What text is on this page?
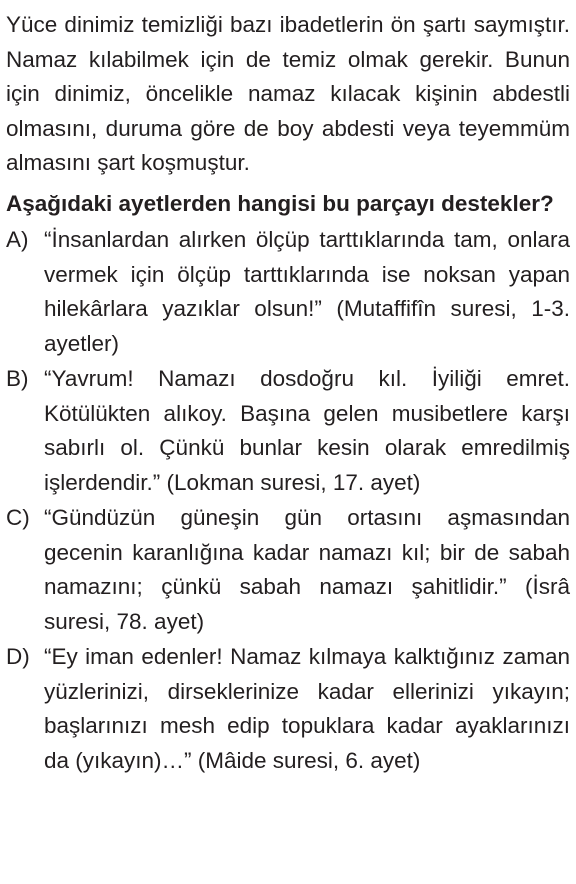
Yüce dinimiz temizliği bazı ibadetlerin ön şartı saymıştır. Namaz kılabilmek için de temiz olmak gerekir. Bunun için dinimiz, öncelikle namaz kılacak kişinin abdestli olmasını, duruma göre de boy abdesti veya teyemmüm almasını şart koşmuştur.

Aşağıdaki ayetlerden hangisi bu parçayı destekler?

A) “İnsanlardan alırken ölçüp tarttıklarında tam, onlara vermek için ölçüp tarttıklarında ise noksan yapan hilekârlara yazıklar olsun!” (Mutaffifîn suresi, 1-3. ayetler)
B) “Yavrum! Namazı dosdoğru kıl. İyiliği emret. Kötülükten alıkoy. Başına gelen musibetlere karşı sabırlı ol. Çünkü bunlar kesin olarak emredilmiş işlerdendir.” (Lokman suresi, 17. ayet)
C) “Gündüzün güneşin gün ortasını aşmasından gecenin karanlığına kadar namazı kıl; bir de sabah namazını; çünkü sabah namazı şahitlidir.” (İsrâ suresi, 78. ayet)
D) “Ey iman edenler! Namaz kılmaya kalktığınız zaman yüzlerinizi, dirseklerinize kadar ellerinizi yıkayın; başlarınızı mesh edip topuklara kadar ayaklarınızı da (yıkayın)…” (Mâide suresi, 6. ayet)
